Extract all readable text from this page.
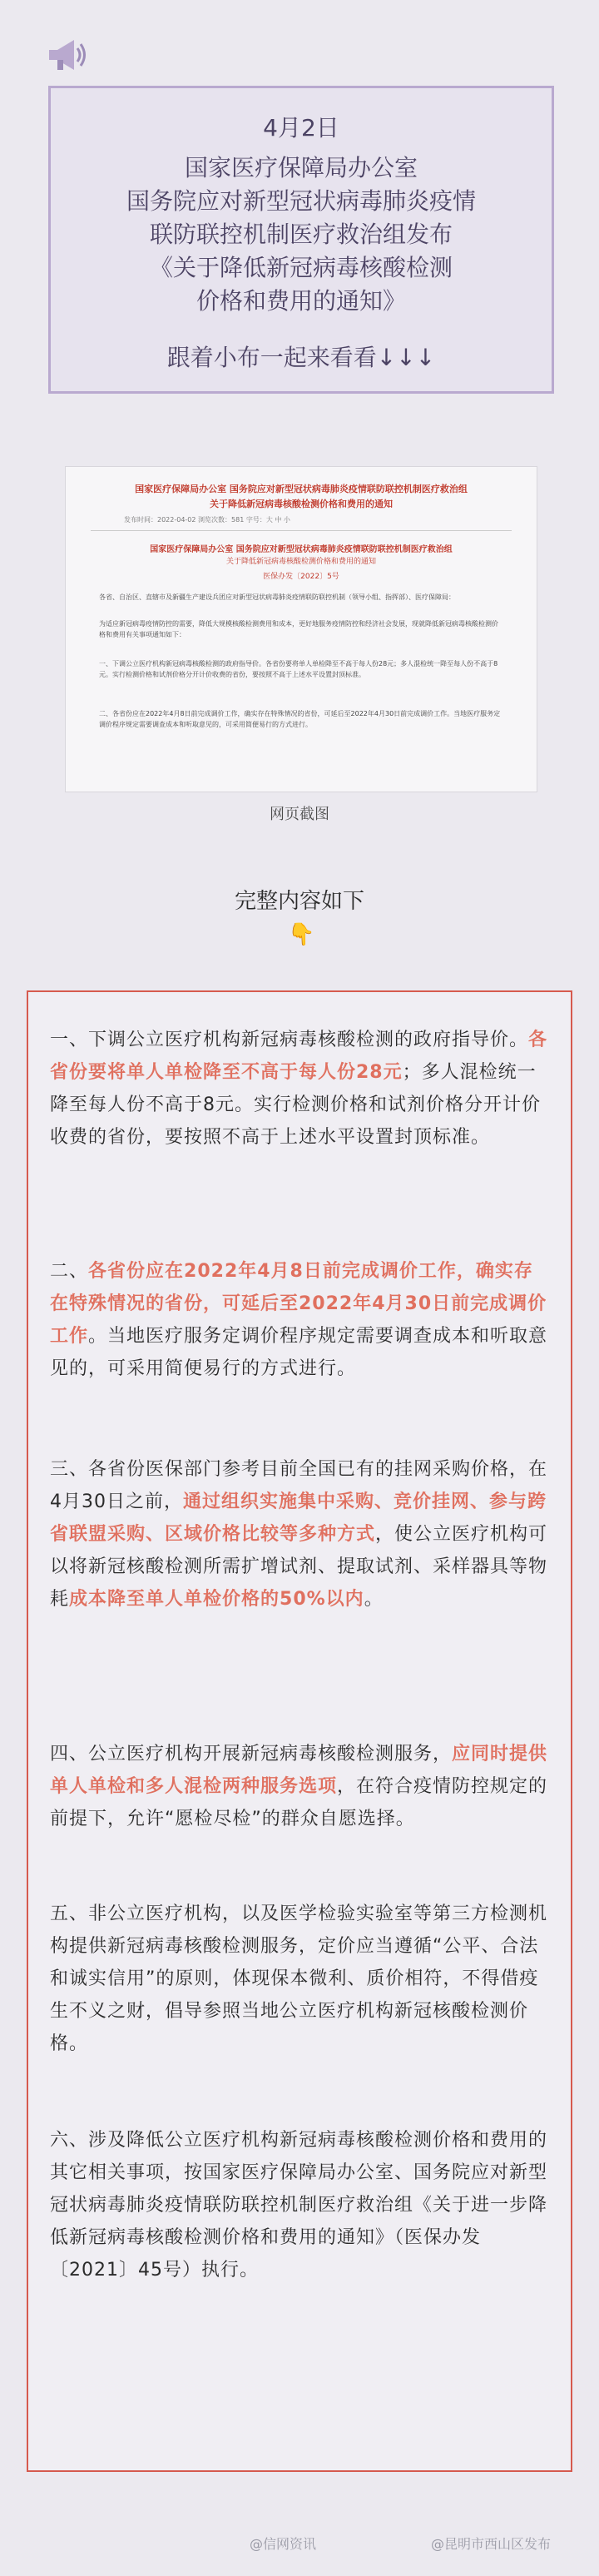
4月2日
国家医疗保障局办公室
国务院应对新型冠状病毒肺炎疫情
联防联控机制医疗救治组发布
《关于降低新冠病毒核酸检测
价格和费用的通知》
跟着小布一起来看看↓↓↓
国家医疗保障局办公室 国务院应对新型冠状病毒肺炎疫情联防联控机制医疗救治组
关于降低新冠病毒核酸检测价格和费用的通知
发布时间：2022-04-02 浏览次数：581 字号：大 中 小
国家医疗保障局办公室 国务院应对新型冠状病毒肺炎疫情联防联控机制医疗救治组
关于降低新冠病毒核酸检测价格和费用的通知
医保办发〔2022〕5号
各省、自治区、直辖市及新疆生产建设兵团应对新型冠状病毒肺炎疫情联防联控机制（领导小组、指挥部）、医疗保障局：
为适应新冠病毒疫情防控的需要，降低大规模核酸检测费用和成本，更好地服务疫情防控和经济社会发展，现就降低新冠病毒核酸检测价格和费用有关事项通知如下：
一、下调公立医疗机构新冠病毒核酸检测的政府指导价。各省份要将单人单检降至不高于每人份28元；多人混检统一降至每人份不高于8元。实行检测价格和试剂价格分开计价收费的省份，要按照不高于上述水平设置封顶标准。
二、各省份应在2022年4月8日前完成调价工作，确实存在特殊情况的省份，可延后至2022年4月30日前完成调价工作。当地医疗服务定调价程序规定需要调查成本和听取意见的，可采用简便易行的方式进行。
网页截图
完整内容如下
👇
一、下调公立医疗机构新冠病毒核酸检测的政府指导价。各省份要将单人单检降至不高于每人份28元；多人混检统一降至每人份不高于8元。实行检测价格和试剂价格分开计价收费的省份，要按照不高于上述水平设置封顶标准。
二、各省份应在2022年4月8日前完成调价工作，确实存在特殊情况的省份，可延后至2022年4月30日前完成调价工作。当地医疗服务定调价程序规定需要调查成本和听取意见的，可采用简便易行的方式进行。
三、各省份医保部门参考目前全国已有的挂网采购价格，在4月30日之前，通过组织实施集中采购、竞价挂网、参与跨省联盟采购、区域价格比较等多种方式，使公立医疗机构可以将新冠核酸检测所需扩增试剂、提取试剂、采样器具等物耗成本降至单人单检价格的50%以内。
四、公立医疗机构开展新冠病毒核酸检测服务，应同时提供单人单检和多人混检两种服务选项，在符合疫情防控规定的前提下，允许“愿检尽检”的群众自愿选择。
五、非公立医疗机构，以及医学检验实验室等第三方检测机构提供新冠病毒核酸检测服务，定价应当遵循“公平、合法和诚实信用”的原则，体现保本微利、质价相符，不得借疫生不义之财，倡导参照当地公立医疗机构新冠核酸检测价格。
六、涉及降低公立医疗机构新冠病毒核酸检测价格和费用的其它相关事项，按国家医疗保障局办公室、国务院应对新型冠状病毒肺炎疫情联防联控机制医疗救治组《关于进一步降低新冠病毒核酸检测价格和费用的通知》（医保办发〔2021〕45号）执行。
@信网资讯	@昆明市西山区发布
